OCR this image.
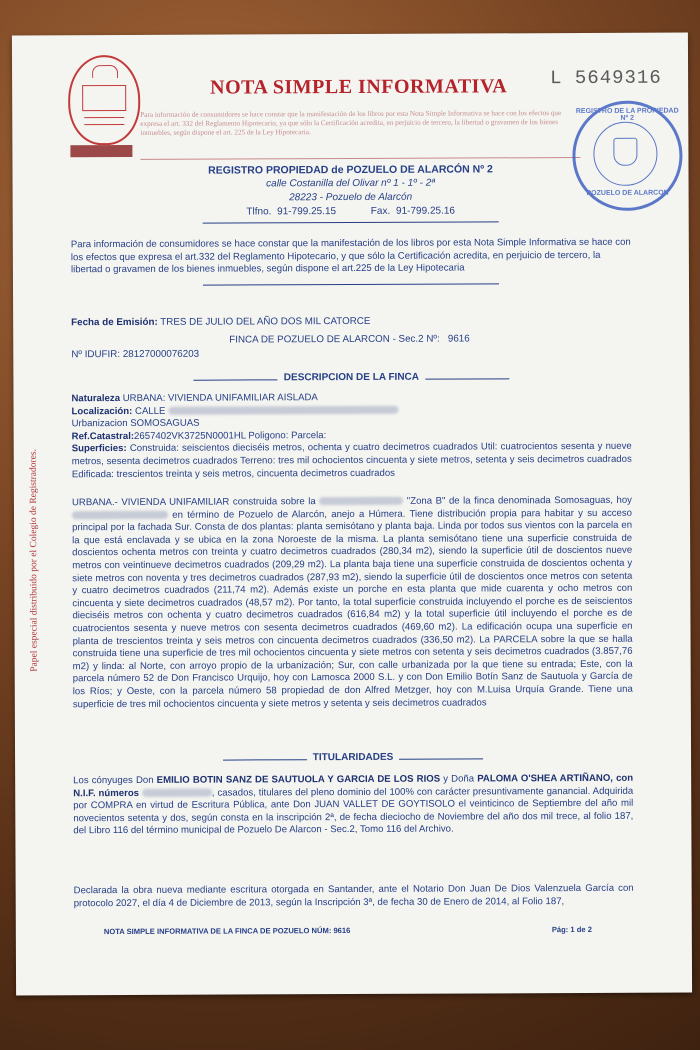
NOTA SIMPLE INFORMATIVA L 5649316
Para información de consumidores se hace constar que la manifestación de los libros por esta Nota Simple Informativa se hace con los efectos que expresa el art. 332 del Reglamento Hipotecario, ya que sólo la Certificación acredita, en perjuicio de tercero, la libertad o gravamen de los bienes inmuebles, según dispone el art. 225 de la Ley Hipotecaria.
REGISTRO DE LA PROPIEDAD Nº 2
POZUELO DE ALARCON
Papel especial distribuido por el Colegio de Registradores.
REGISTRO PROPIEDAD de POZUELO DE ALARCÓN Nº 2
calle Costanilla del Olivar nº 1 - 1º - 2ª
28223 - Pozuelo de Alarcón
Tlfno. 91-799.25.15	Fax. 91-799.25.16
Para información de consumidores se hace constar que la manifestación de los libros por esta Nota Simple Informativa se hace con los efectos que expresa el art.332 del Reglamento Hipotecario, y que sólo la Certificación acredita, en perjuicio de tercero, la libertad o gravamen de los bienes inmuebles, según dispone el art.225 de la Ley Hipotecaria
Fecha de Emisión: TRES DE JULIO DEL AÑO DOS MIL CATORCE
FINCA DE POZUELO DE ALARCON - Sec.2 Nº: 9616
Nº IDUFIR: 28127000076203
DESCRIPCION DE LA FINCA
Naturaleza URBANA: VIVIENDA UNIFAMILIAR AISLADA
Localización: CALLE
Urbanizacion SOMOSAGUAS
Ref.Catastral:2657402VK3725N0001HL Poligono: Parcela:
Superficies: Construida: seiscientos dieciséis metros, ochenta y cuatro decimetros cuadrados Util: cuatrocientos sesenta y nueve metros, sesenta decimetros cuadrados Terreno: tres mil ochocientos cincuenta y siete metros, setenta y seis decimetros cuadrados Edificada: trescientos treinta y seis metros, cincuenta decimetros cuadrados
URBANA.- VIVIENDA UNIFAMILIAR construida sobre la	"Zona B" de la finca denominada Somosaguas, hoy  en término de Pozuelo de Alarcón, anejo a Húmera. Tiene distribución propia para habitar y su acceso principal por la fachada Sur. Consta de dos plantas: planta semisótano y planta baja. Linda por todos sus vientos con la parcela en la que está enclavada y se ubica en la zona Noroeste de la misma. La planta semisótano tiene una superficie construida de doscientos ochenta metros con treinta y cuatro decimetros cuadrados (280,34 m2), siendo la superficie útil de doscientos nueve metros con veintinueve decimetros cuadrados (209,29 m2). La planta baja tiene una superficie construida de doscientos ochenta y siete metros con noventa y tres decimetros cuadrados (287,93 m2), siendo la superficie útil de doscientos once metros con setenta y cuatro decimetros cuadrados (211,74 m2). Además existe un porche en esta planta que mide cuarenta y ocho metros con cincuenta y siete decimetros cuadrados (48,57 m2). Por tanto, la total superficie construida incluyendo el porche es de seiscientos dieciséis metros con ochenta y cuatro decimetros cuadrados (616,84 m2) y la total superficie útil incluyendo el porche es de cuatrocientos sesenta y nueve metros con sesenta decimetros cuadrados (469,60 m2). La edificación ocupa una superficie en planta de trescientos treinta y seis metros con cincuenta decimetros cuadrados (336,50 m2). La PARCELA sobre la que se halla construida tiene una superficie de tres mil ochocientos cincuenta y siete metros con setenta y seis decimetros cuadrados (3.857,76 m2) y linda: al Norte, con arroyo propio de la urbanización; Sur, con calle urbanizada por la que tiene su entrada; Este, con la parcela número 52 de Don Francisco Urquijo, hoy con Lamosca 2000 S.L. y con Don Emilio Botín Sanz de Sautuola y García de los Ríos; y Oeste, con la parcela número 58 propiedad de don Alfred Metzger, hoy con M.Luisa Urquía Grande. Tiene una superficie de tres mil ochocientos cincuenta y siete metros y setenta y seis decimetros cuadrados
TITULARIDADES
Los cónyuges Don EMILIO BOTIN SANZ DE SAUTUOLA Y GARCIA DE LOS RIOS y Doña PALOMA O'SHEA ARTIÑANO, con N.I.F. números	, casados, titulares del pleno dominio del 100% con carácter presuntivamente ganancial. Adquirida por COMPRA en virtud de Escritura Pública, ante Don JUAN VALLET DE GOYTISOLO el veinticinco de Septiembre del año mil novecientos setenta y dos, según consta en la inscripción 2ª, de fecha dieciocho de Noviembre del año dos mil trece, al folio 187, del Libro 116 del término municipal de Pozuelo De Alarcon - Sec.2, Tomo 116 del Archivo.
Declarada la obra nueva mediante escritura otorgada en Santander, ante el Notario Don Juan De Dios Valenzuela García con protocolo 2027, el día 4 de Diciembre de 2013, según la Inscripción 3ª, de fecha 30 de Enero de 2014, al Folio 187,
NOTA SIMPLE INFORMATIVA DE LA FINCA DE POZUELO NÚM: 9616	Pág: 1 de 2
